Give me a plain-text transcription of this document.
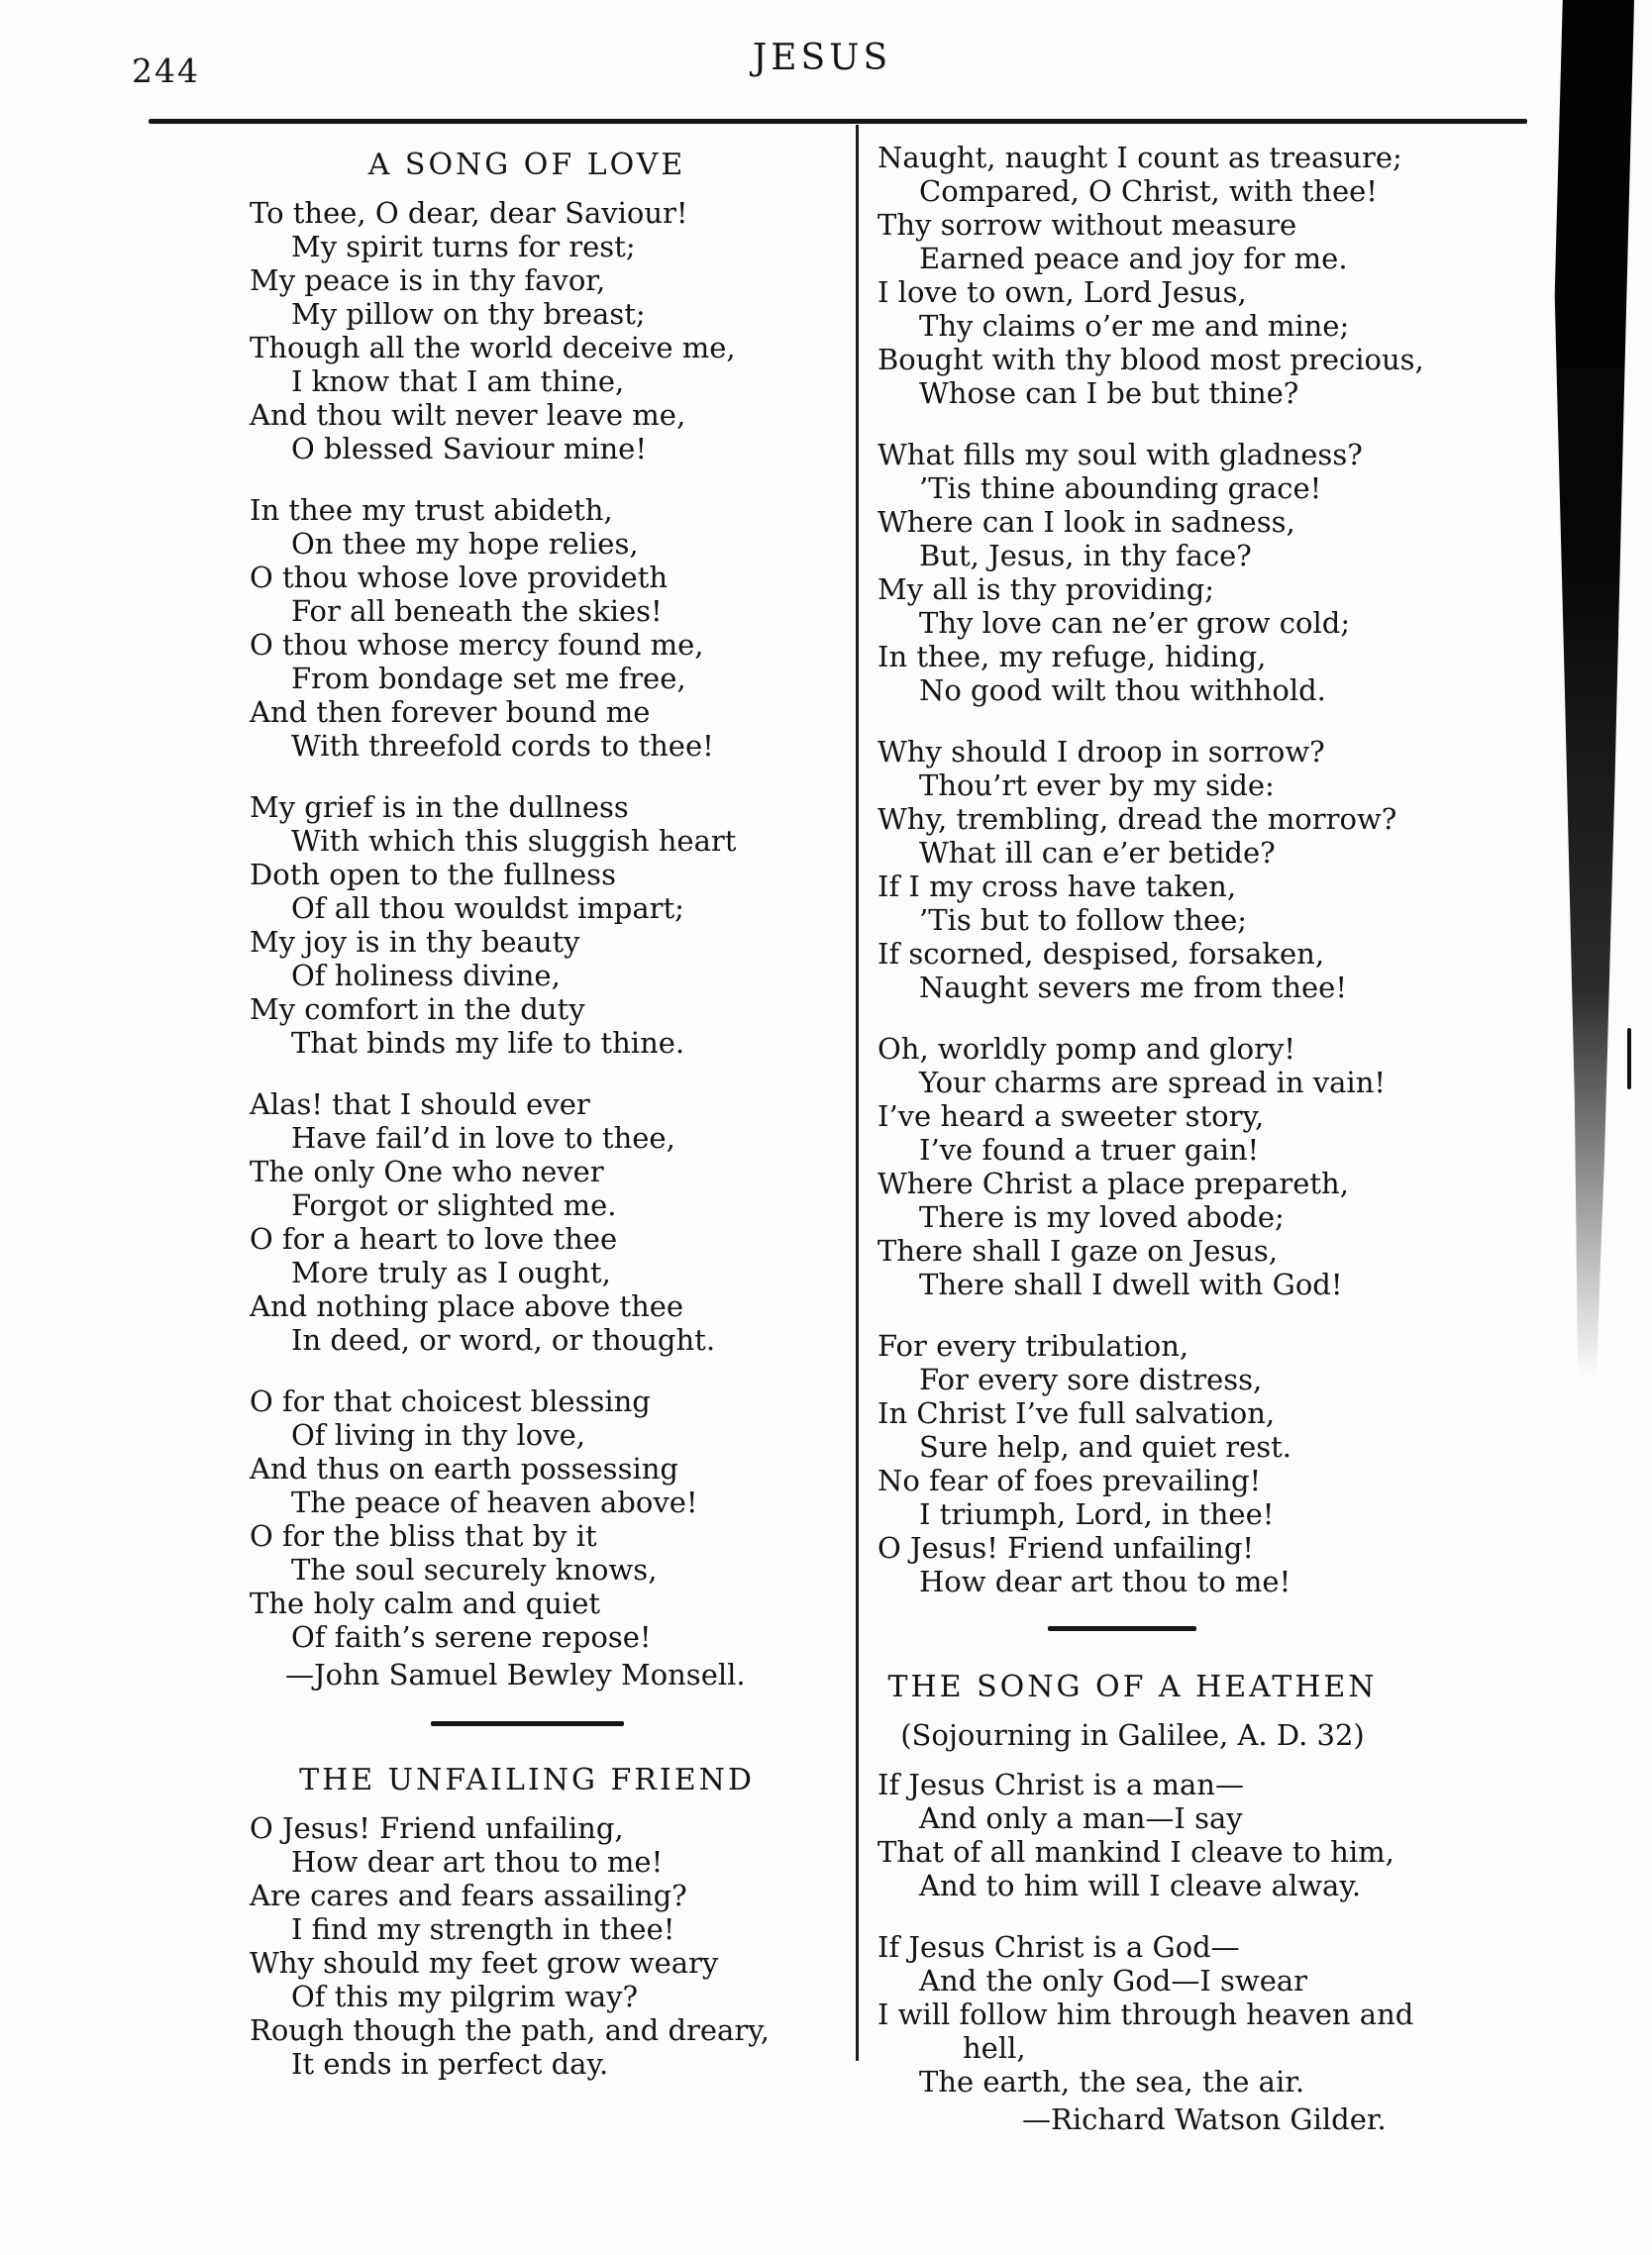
244	JESUS
A SONG OF LOVE
To thee, O dear, dear Saviour!
My spirit turns for rest;
My peace is in thy favor,
My pillow on thy breast;
Though all the world deceive me,
I know that I am thine,
And thou wilt never leave me,
O blessed Saviour mine!
In thee my trust abideth,
On thee my hope relies,
O thou whose love provideth
For all beneath the skies!
O thou whose mercy found me,
From bondage set me free,
And then forever bound me
With threefold cords to thee!
My grief is in the dullness
With which this sluggish heart
Doth open to the fullness
Of all thou wouldst impart;
My joy is in thy beauty
Of holiness divine,
My comfort in the duty
That binds my life to thine.
Alas! that I should ever
Have fail’d in love to thee,
The only One who never
Forgot or slighted me.
O for a heart to love thee
More truly as I ought,
And nothing place above thee
In deed, or word, or thought.
O for that choicest blessing
Of living in thy love,
And thus on earth possessing
The peace of heaven above!
O for the bliss that by it
The soul securely knows,
The holy calm and quiet
Of faith’s serene repose!
—John Samuel Bewley Monsell.
THE UNFAILING FRIEND
O Jesus! Friend unfailing,
How dear art thou to me!
Are cares and fears assailing?
I find my strength in thee!
Why should my feet grow weary
Of this my pilgrim way?
Rough though the path, and dreary,
It ends in perfect day.
Naught, naught I count as treasure;
Compared, O Christ, with thee!
Thy sorrow without measure
Earned peace and joy for me.
I love to own, Lord Jesus,
Thy claims o’er me and mine;
Bought with thy blood most precious,
Whose can I be but thine?
What fills my soul with gladness?
’Tis thine abounding grace!
Where can I look in sadness,
But, Jesus, in thy face?
My all is thy providing;
Thy love can ne’er grow cold;
In thee, my refuge, hiding,
No good wilt thou withhold.
Why should I droop in sorrow?
Thou’rt ever by my side:
Why, trembling, dread the morrow?
What ill can e’er betide?
If I my cross have taken,
’Tis but to follow thee;
If scorned, despised, forsaken,
Naught severs me from thee!
Oh, worldly pomp and glory!
Your charms are spread in vain!
I’ve heard a sweeter story,
I’ve found a truer gain!
Where Christ a place prepareth,
There is my loved abode;
There shall I gaze on Jesus,
There shall I dwell with God!
For every tribulation,
For every sore distress,
In Christ I’ve full salvation,
Sure help, and quiet rest.
No fear of foes prevailing!
I triumph, Lord, in thee!
O Jesus! Friend unfailing!
How dear art thou to me!
THE SONG OF A HEATHEN
(Sojourning in Galilee, A. D. 32)
If Jesus Christ is a man—
And only a man—I say
That of all mankind I cleave to him,
And to him will I cleave alway.
If Jesus Christ is a God—
And the only God—I swear
I will follow him through heaven and
hell,
The earth, the sea, the air.
—Richard Watson Gilder.
